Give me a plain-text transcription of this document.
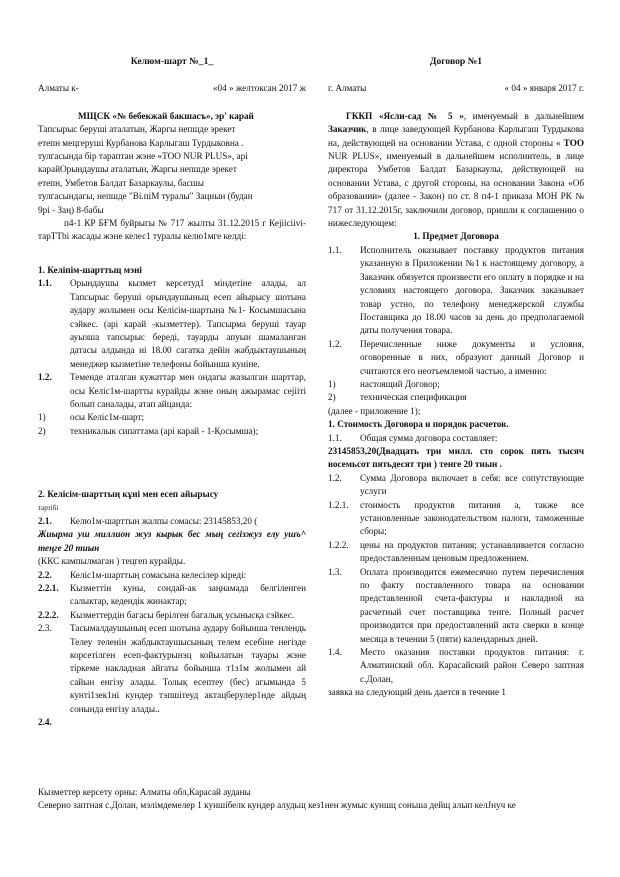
Келюм-шарт №_1_

Алматы к-	«04 » желтоксан 2017 ж

МЩСК «№ бебекжай бакшасъ», эр' карай

Тапсырыс берушi аталатын, Жаргы непшде эрекет

етепн мецгерушi Курбанова Карлыгаш Турдыковна .

тулгасында бiр тараптан жэне «ТОО NUR PLUS», api

карайОрындаушы аталатын, Жаргы непшде эрекет

етепн, Умбетов Балдат Базаркаулы, басшы

тулгасындагы, непшде "Вi.пiМ туралы" Зацнын (будан

9pi - Заң) 8-бабы

п4-1 КР БҒМ буйрыгы № 717 жылты 31.12.2015 г Кејiiсiivi-тарТТbi жасады жэне келес1 туралы келю1мге келдi:

1. Келiпiм-шарттьщ мэнi

1.1.	Орындаушы кызмет керсетуд1 мiндетiне алады, ал Тапсырыс берушi орындаушыньщ есеп айырысу шотына аудару жолымен осы Келiсiм-шартына №1- Косымшасына сэйкес. (арi карай -кызметтер). Тапсырма берушi тауар ауызша тапсырыс бередi, тауарды апуын шамаланган датасы алдында нi 18.00 сагатка дейiн жабдыктаушының менеджер кызметiне телефоны бойынша кунiне.
1.2.	Теменде аталган кужаттар мен ондагы жазылган шарттар, осы Келiс1м-шартты курайды жэне оның ажырамас сејiiтi болып саналады, атап айцанда:
1)	осы Келiс1м-шарт;
2)	техникалык сипаттама (api карай - 1-Қосымша);

2. Келiсiм-шарттың кұнi мен есеп айырысу

тартiбi

2.1.	Келю1м-шарттын жалпы сомасы: 23145853,20 (

Жиырма уш миллион жуз кырык бес мың сегiзжуз елу ушъ^ теңге 20 тиын

(ККС кампылмаган ) тецгеп курайды.

2.2.	Келiс1м-шарттың сомасына келесiлер кiредi:
2.2.1.	Кызметтiн куны, сондай-ак заңнамада белгiленген салыктар, кедендiк жинактар;
2.2.2.	Кызметтердiн багасы берiлген багалық усынысқа сэйкес.
2.3.	Тасымалдаушының есеп шотына аудару бойынша тенлендь Телеу теленiн жабдыктаушысының телем есебiне негiзде корсетiлген есеп-фактурынэц койылатын тауары жэне тiркеме накладная айгаты бойынша т1з1м жолымен ай сайын енгiзу алады. Толық есептеу (бес) агымында 5 кунтi1зек1нi кундер тэпшiтеуд актацберулер1нде айдың сонында енгiзу алады..
2.4.

Договор №1

г. Алматы	« 04 » января 2017 г.

ГККП «Ясли-сад № 5 », именуемый в дальнейшем Заказчик, в лице заведующей Курбанова Карлыгаш Турдыкова на, действующей на основании Устава, с одной стороны « ТОО NUR PLUS», именуемый в дальнейшем исполнитель, в лице директора Умбетов Балдат Базаркаулы, действующей на основании Устава, с другой стороны, на основании Закона «Об образовании» (далее - Закон) по ст. 8 п4-1 приказа МОН РК № 717 от 31.12.2015г, заключили договор, пришли к соглашению о нижеследующем:

1. Предмет Договора

1.1.	Исполнитель оказывает поставку продуктов питания указанную в Приложении №1 к настоящему договору, а Заказчик обязуется произвести его оплату в порядке и на условиях настоящего договора. Заказчик заказывает товар устно, по телефону менеджерской службы Поставщика до 18.00 часов за день до предполагаемой даты получения товара.
1.2.	Перечисленные ниже документы и условия, оговоренные в них, образуют данный Договор и считаются его неотъемлемой частью, а именно:
1)	настоящий Договор;
2)	техническая спецификация

(далее - приложение 1);

1. Стоимость Договора и порядок расчетов.

1.1.	Общая сумма договора составляет:

23145853,20(Двадцать три милл. сто сорок пять тысяч восемьсот пятьдесят три ) тенге 20 тиын .

1.2.	Сумма Договора включает в себя: все сопутствующие услуги
1.2.1.	стоимость продуктов питания а, также все установленные законодательством налоги, таможенные сборы;
1.2.2.	цены на продуктов питания; устанавливается согласно предоставленным ценовым предложением.
1.3.	Оплата производится ежемесячно путем перечисления по факту поставленного товара на основании представленной счета-фактуры и накладной на расчетный счет поставщика тенге. Полный расчет производится при предоставлений акта сверки в конце месяца в течении 5 (пяти) календарных дней.
1.4.	Место оказания поставки продуктов питания: г. Алматинский обл. Карасайский район Северо заптная с.Долан,

заявка на следующий день дается в течение 1

Кызметтер керсету орны: Алматы обл,Карасай ауданы

Северно заптная с.Долан, мэлiмдемелер 1 куншiбелк кундер алудьщ кез1нен жумыс куншц соньша дейщ алып келJнуч ке
